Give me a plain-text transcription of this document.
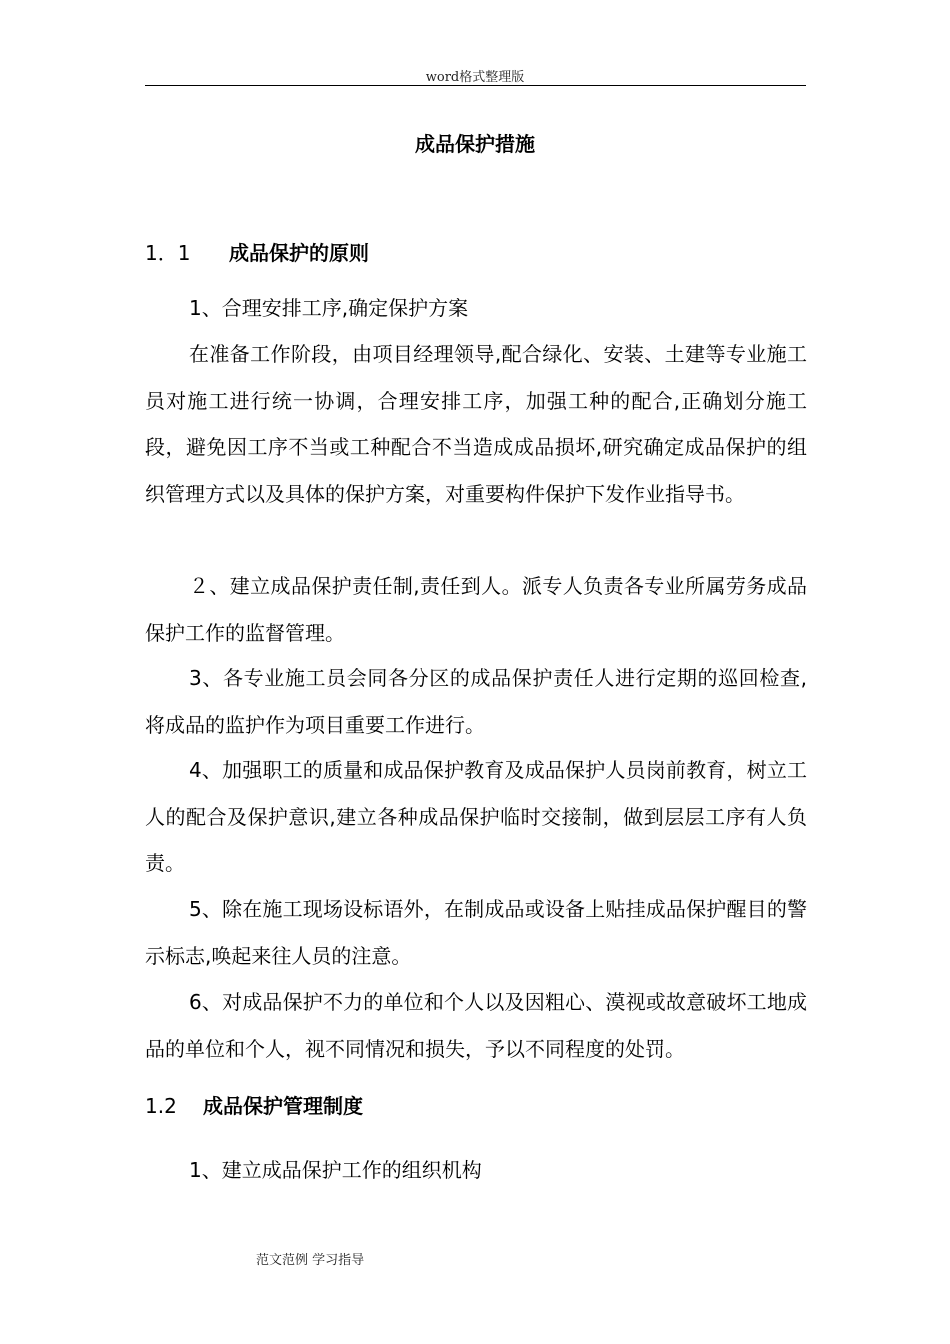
word格式整理版
成品保护措施
1．1 成品保护的原则
1、合理安排工序,确定保护方案
在准备工作阶段，由项目经理领导,配合绿化、安装、土建等专业施工员对施工进行统一协调，合理安排工序，加强工种的配合,正确划分施工段，避免因工序不当或工种配合不当造成成品损坏,研究确定成品保护的组织管理方式以及具体的保护方案，对重要构件保护下发作业指导书。
２、建立成品保护责任制,责任到人。派专人负责各专业所属劳务成品保护工作的监督管理。
3、各专业施工员会同各分区的成品保护责任人进行定期的巡回检查,将成品的监护作为项目重要工作进行。
4、加强职工的质量和成品保护教育及成品保护人员岗前教育，树立工人的配合及保护意识,建立各种成品保护临时交接制，做到层层工序有人负责。
5、除在施工现场设标语外，在制成品或设备上贴挂成品保护醒目的警示标志,唤起来往人员的注意。
6、对成品保护不力的单位和个人以及因粗心、漠视或故意破坏工地成品的单位和个人，视不同情况和损失，予以不同程度的处罚。
1.2 成品保护管理制度
1、建立成品保护工作的组织机构
范文范例 学习指导
